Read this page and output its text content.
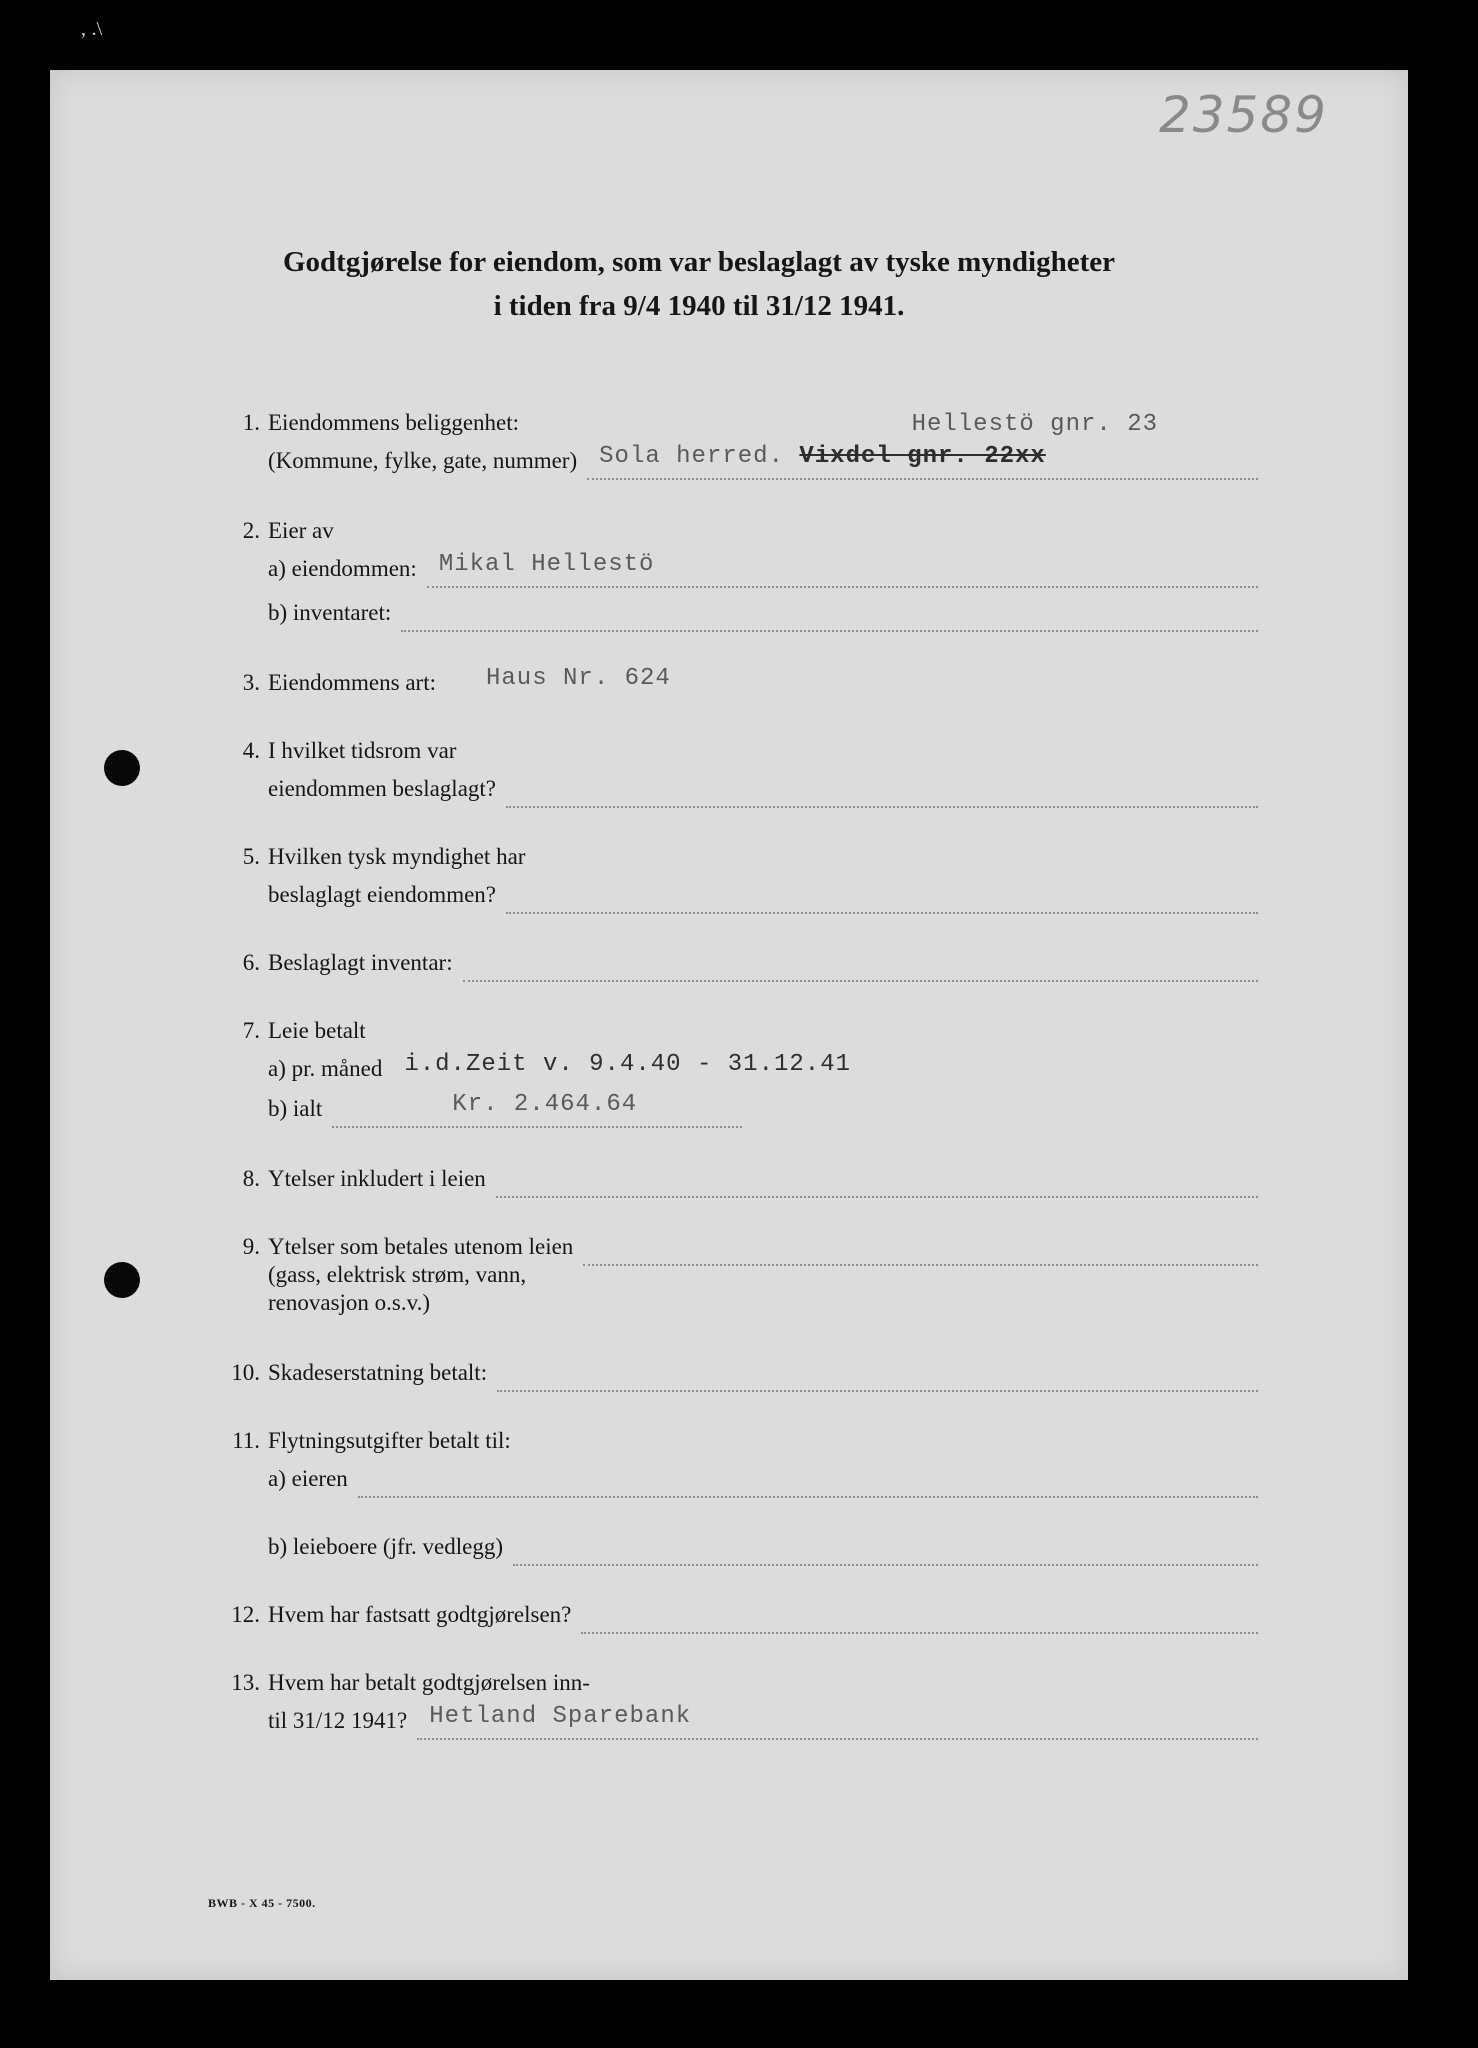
‚ .\
23589
Godtgjørelse for eiendom, som var beslaglagt av tyske myndigheter
i tiden fra 9/4 1940 til 31/12 1941.
1. Eiendommens beliggenhet:
(Kommune, fylke, gate, nummer)
Hellestö gnr. 23
Sola herred. Vixdel gnr. 22xx
2. Eier av
a) eiendommen: Mikal Hellestö
b) inventaret:
3. Eiendommens art:	Haus Nr. 624
4. I hvilket tidsrom var
eiendommen beslaglagt?
5. Hvilken tysk myndighet har
beslaglagt eiendommen?
6. Beslaglagt inventar:
7. Leie betalt
a) pr. måned i.d.Zeit v. 9.4.40 - 31.12.41
b) ialt	Kr. 2.464.64
8. Ytelser inkludert i leien
9. Ytelser som betales utenom leien
(gass, elektrisk strøm, vann,
renovasjon o.s.v.)
10. Skadeserstatning betalt:
11. Flytningsutgifter betalt til:
a) eieren
b) leieboere (jfr. vedlegg)
12. Hvem har fastsatt godtgjørelsen?
13. Hvem har betalt godtgjørelsen inn-
til 31/12 1941? Hetland Sparebank
BWB - X 45 - 7500.
